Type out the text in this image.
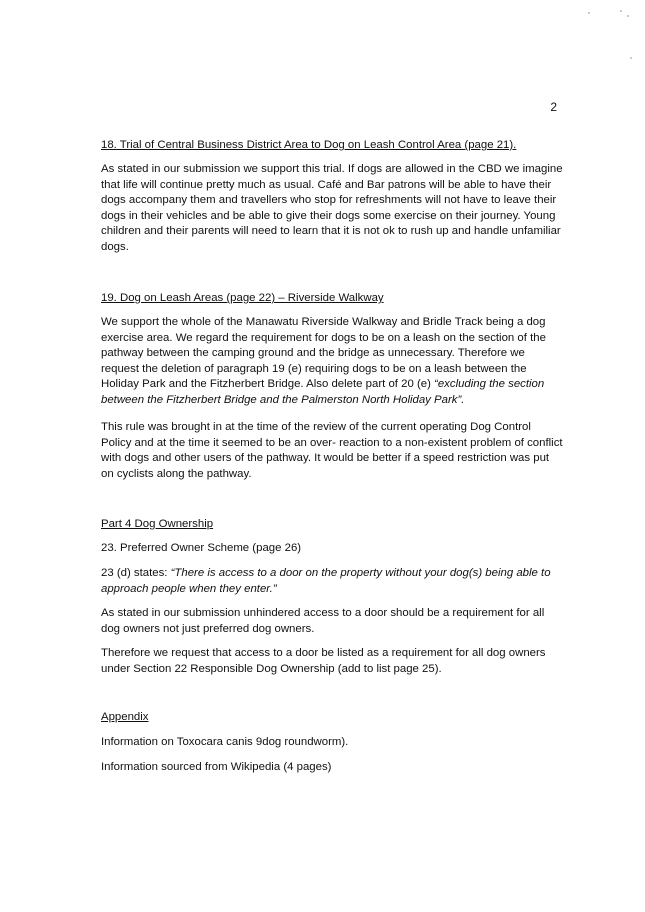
2
18. Trial of Central Business District Area to Dog on Leash Control Area (page 21).
As stated in our submission we support this trial. If dogs are allowed in the CBD we imagine that life will continue pretty much as usual. Café and Bar patrons will be able to have their dogs accompany them and travellers who stop for refreshments will not have to leave their dogs in their vehicles and be able to give their dogs some exercise on their journey. Young children and their parents will need to learn that it is not ok to rush up and handle unfamiliar dogs.
19. Dog on Leash Areas (page 22) – Riverside Walkway
We support the whole of the Manawatu Riverside Walkway and Bridle Track being a dog exercise area. We regard the requirement for dogs to be on a leash on the section of the pathway between the camping ground and the bridge as unnecessary. Therefore we request the deletion of paragraph 19 (e) requiring dogs to be on a leash between the Holiday Park and the Fitzherbert Bridge. Also delete part of 20 (e) “excluding the section between the Fitzherbert Bridge and the Palmerston North Holiday Park”.
This rule was brought in at the time of the review of the current operating Dog Control Policy and at the time it seemed to be an over- reaction to a non-existent problem of conflict with dogs and other users of the pathway. It would be better if a speed restriction was put on cyclists along the pathway.
Part 4 Dog Ownership
23. Preferred Owner Scheme (page 26)
23 (d) states: “There is access to a door on the property without your dog(s) being able to approach people when they enter.”
As stated in our submission unhindered access to a door should be a requirement for all dog owners not just preferred dog owners.
Therefore we request that access to a door be listed as a requirement for all dog owners under Section 22 Responsible Dog Ownership (add to list page 25).
Appendix
Information on Toxocara canis 9dog roundworm).
Information sourced from Wikipedia (4 pages)
